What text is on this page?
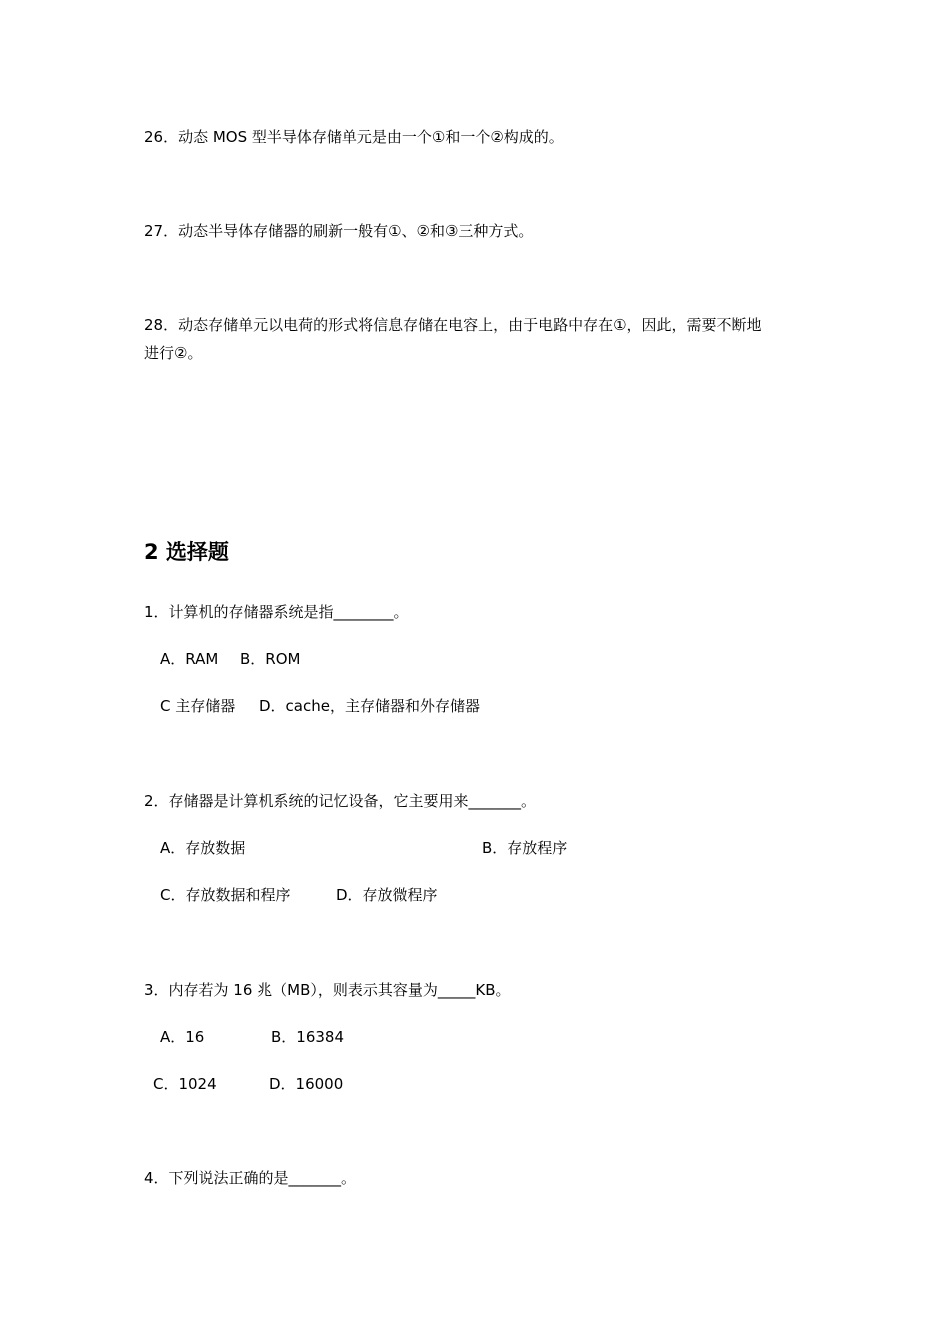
26．动态 MOS 型半导体存储单元是由一个①和一个②构成的。
27．动态半导体存储器的刷新一般有①、②和③三种方式。
28．动态存储单元以电荷的形式将信息存储在电容上，由于电路中存在①，因此，需要不断地
进行②。
2 选择题
1．计算机的存储器系统是指________。
A．RAM B．ROM
C 主存储器 D．cache，主存储器和外存储器
2．存储器是计算机系统的记忆设备，它主要用来_______。
A．存放数据	B．存放程序
C．存放数据和程序	D．存放微程序
3．内存若为 16 兆（MB），则表示其容量为_____KB。
A．16	B．16384
C．1024	D．16000
4．下列说法正确的是_______。
